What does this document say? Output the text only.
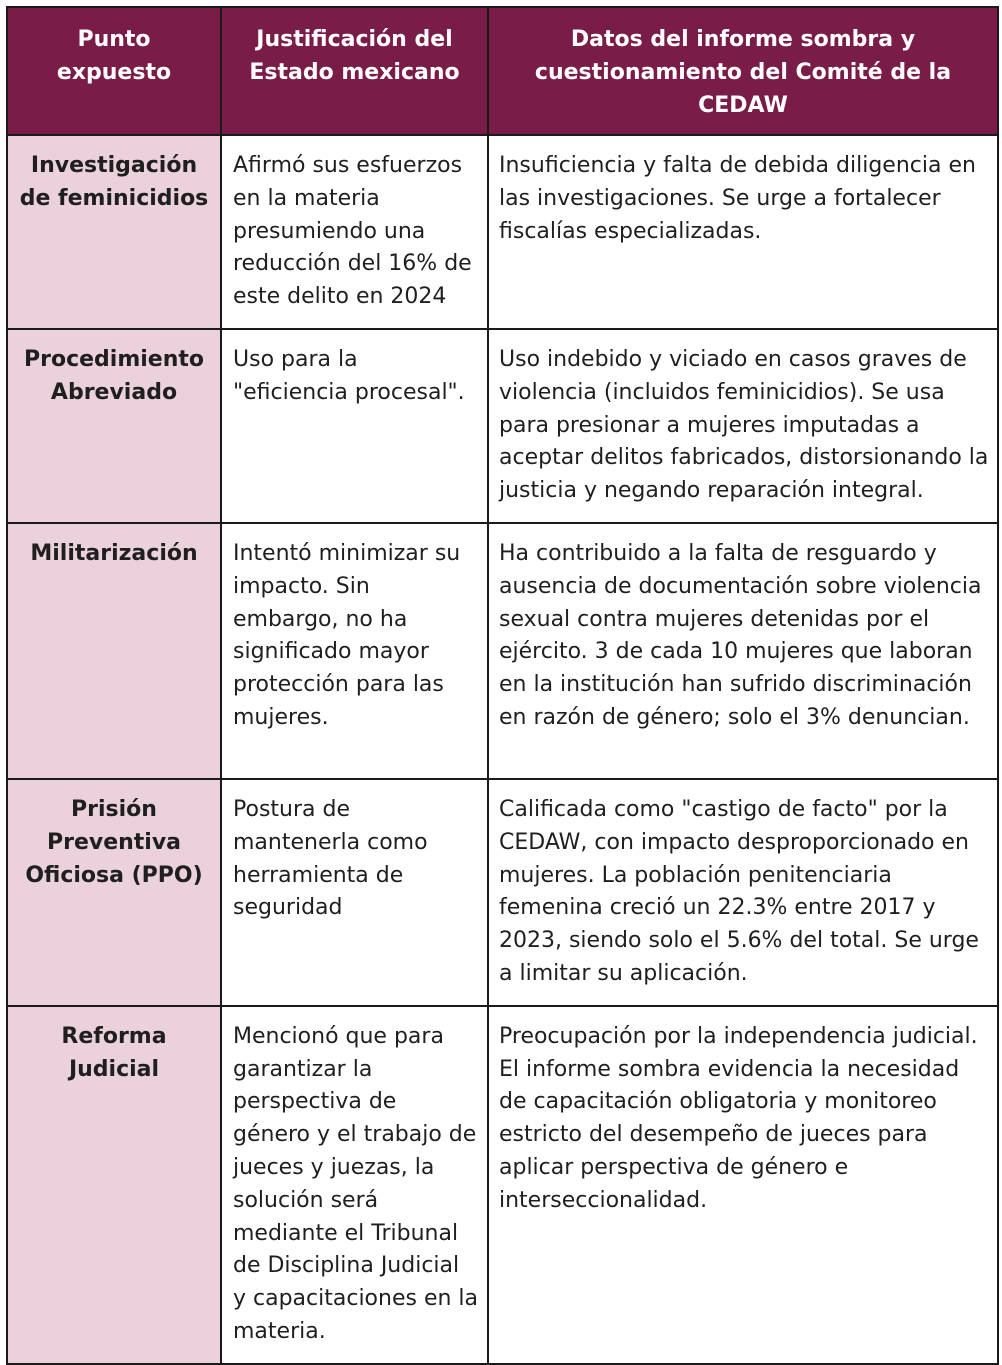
Punto expuesto	Justificación del Estado mexicano	Datos del informe sombra y cuestionamiento del Comité de la CEDAW
Investigación de feminicidios	Afirmó sus esfuerzos en la materia presumiendo una reducción del 16% de este delito en 2024	Insuficiencia y falta de debida diligencia en las investigaciones. Se urge a fortalecer fiscalías especializadas.
Procedimiento Abreviado	Uso para la "eficiencia procesal".	Uso indebido y viciado en casos graves de violencia (incluidos feminicidios). Se usa para presionar a mujeres imputadas a aceptar delitos fabricados, distorsionando la justicia y negando reparación integral.
Militarización	Intentó minimizar su impacto. Sin embargo, no ha significado mayor protección para las mujeres.	Ha contribuido a la falta de resguardo y ausencia de documentación sobre violencia sexual contra mujeres detenidas por el ejército. 3 de cada 10 mujeres que laboran en la institución han sufrido discriminación en razón de género; solo el 3% denuncian.
Prisión Preventiva Oficiosa (PPO)	Postura de mantenerla como herramienta de seguridad	Calificada como "castigo de facto" por la CEDAW, con impacto desproporcionado en mujeres. La población penitenciaria femenina creció un 22.3% entre 2017 y 2023, siendo solo el 5.6% del total. Se urge a limitar su aplicación.
Reforma Judicial	Mencionó que para garantizar la perspectiva de género y el trabajo de jueces y juezas, la solución será mediante el Tribunal de Disciplina Judicial y capacitaciones en la materia.	Preocupación por la independencia judicial. El informe sombra evidencia la necesidad de capacitación obligatoria y monitoreo estricto del desempeño de jueces para aplicar perspectiva de género e interseccionalidad.
